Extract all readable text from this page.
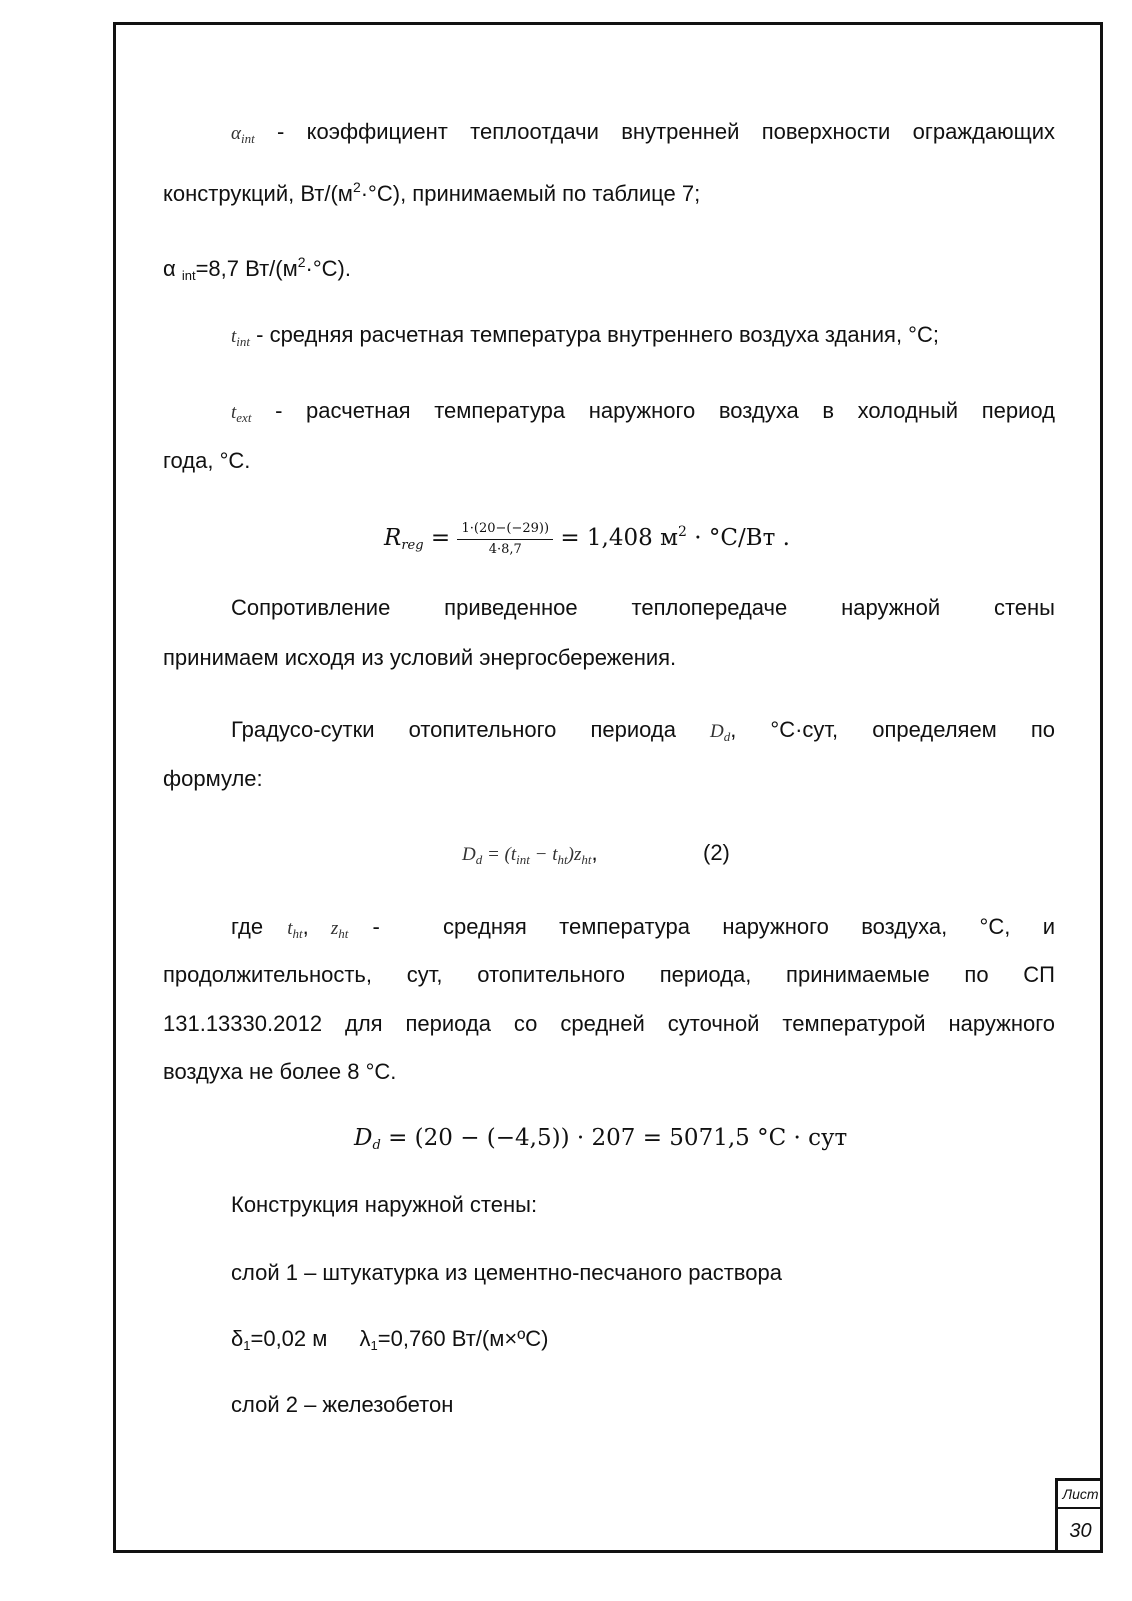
$\alpha_{int}$ - коэффициент теплоотдачи внутренней поверхности ограждающих
конструкций, $Вт/(м^2\cdot^\circ С)$, принимаемый по таблице 7;
α $_{int}$=8,7 $Вт/(м^2\cdot^\circ С)$.
$t_{int}$ - средняя расчетная температура внутреннего воздуха здания, °С;
$t_{ext}$ - расчетная температура наружного воздуха в холодный период
года, °С.
$R_{reg} = \frac{1\cdot(20-(-29))}{4\cdot 8,7} = 1,408$ $м^2 \cdot ^\circ С/Вт$ .
Сопротивление приведенное теплопередаче наружной стены
принимаем исходя из условий энергосбережения.
Градусо-сутки отопительного периода $D_d$, °С·сут, определяем по
формуле:
$D_d = (t_{int} - t_{ht})z_{ht}$,	(2)
где $t_{ht}$, $z_{ht}$ -	средняя температура наружного воздуха, °С, и
продолжительность, сут, отопительного периода, принимаемые по СП
131.13330.2012 для периода со средней суточной температурой наружного
воздуха не более 8 °С.
$D_d = (20 - (-4,5)) \cdot 207 = 5071,5$ °С · сут
Конструкция наружной стены:
слой 1 – штукатурка из цементно-песчаного раствора
$\delta_1=0,02$ м $\lambda_1=0,760$ Вт/(м×ºС)
слой 2 – железобетон
Лист
30
